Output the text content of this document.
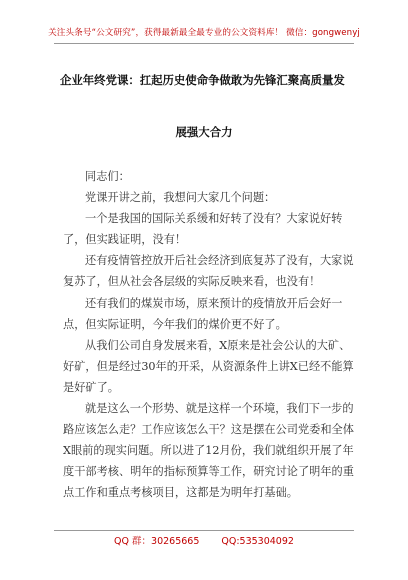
关注头条号“公文研究”，获得最新最全最专业的公文资料库！ 微信：gongwenyj
企业年终党课：扛起历史使命争做敢为先锋汇聚高质量发
展强大合力

同志们：

党课开讲之前，我想问大家几个问题：

一个是我国的国际关系缓和好转了没有？大家说好转了，但实践证明，没有！

还有疫情管控放开后社会经济到底复苏了没有，大家说复苏了，但从社会各层级的实际反映来看，也没有！

还有我们的煤炭市场，原来预计的疫情放开后会好一点，但实际证明，今年我们的煤价更不好了。

从我们公司自身发展来看，X原来是社会公认的大矿、好矿，但是经过30年的开采，从资源条件上讲X已经不能算是好矿了。

就是这么一个形势、就是这样一个环境，我们下一步的路应该怎么走？工作应该怎么干？这是摆在公司党委和全体X眼前的现实问题。所以进了12月份，我们就组织开展了年度干部考核、明年的指标预算等工作，研究讨论了明年的重点工作和重点考核项目，这都是为明年打基础。

QQ 群：30265665 QQ:535304092
